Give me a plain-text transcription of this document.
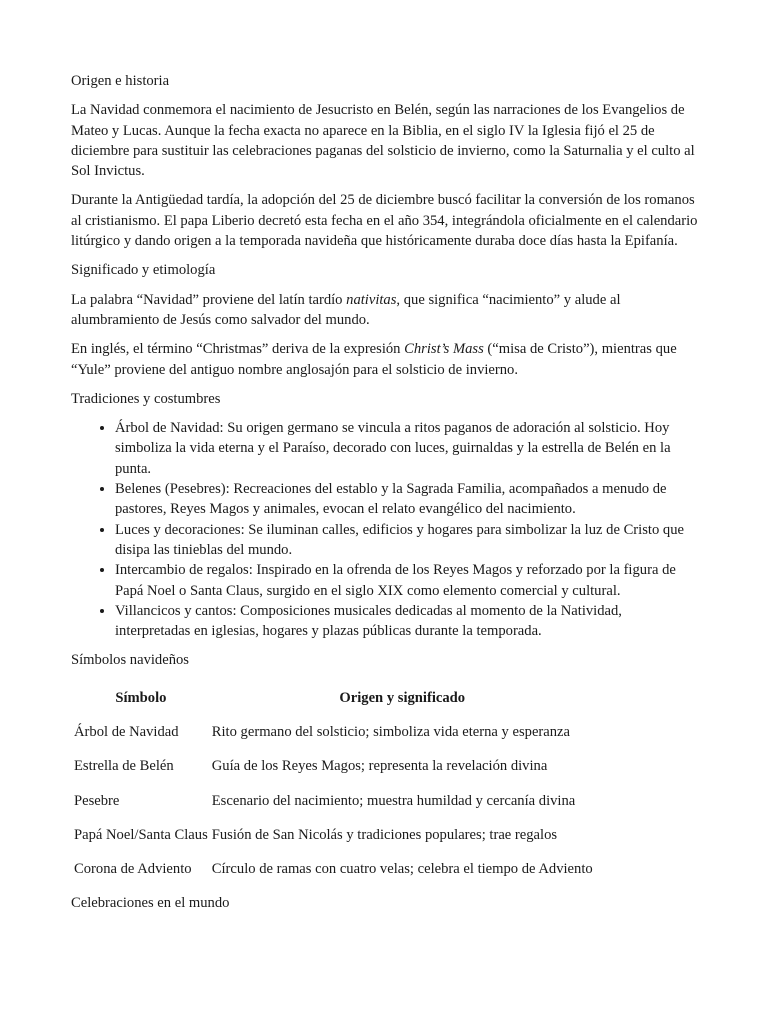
Origen e historia

La Navidad conmemora el nacimiento de Jesucristo en Belén, según las narraciones de los Evangelios de Mateo y Lucas. Aunque la fecha exacta no aparece en la Biblia, en el siglo IV la Iglesia fijó el 25 de diciembre para sustituir las celebraciones paganas del solsticio de invierno, como la Saturnalia y el culto al Sol Invictus.

Durante la Antigüedad tardía, la adopción del 25 de diciembre buscó facilitar la conversión de los romanos al cristianismo. El papa Liberio decretó esta fecha en el año 354, integrándola oficialmente en el calendario litúrgico y dando origen a la temporada navideña que históricamente duraba doce días hasta la Epifanía.

Significado y etimología

La palabra “Navidad” proviene del latín tardío nativitas, que significa “nacimiento” y alude al alumbramiento de Jesús como salvador del mundo.

En inglés, el término “Christmas” deriva de la expresión Christ’s Mass (“misa de Cristo”), mientras que “Yule” proviene del antiguo nombre anglosajón para el solsticio de invierno.

Tradiciones y costumbres
• Árbol de Navidad: Su origen germano se vincula a ritos paganos de adoración al solsticio. Hoy simboliza la vida eterna y el Paraíso, decorado con luces, guirnaldas y la estrella de Belén en la punta.
• Belenes (Pesebres): Recreaciones del establo y la Sagrada Familia, acompañados a menudo de pastores, Reyes Magos y animales, evocan el relato evangélico del nacimiento.
• Luces y decoraciones: Se iluminan calles, edificios y hogares para simbolizar la luz de Cristo que disipa las tinieblas del mundo.
• Intercambio de regalos: Inspirado en la ofrenda de los Reyes Magos y reforzado por la figura de Papá Noel o Santa Claus, surgido en el siglo XIX como elemento comercial y cultural.
• Villancicos y cantos: Composiciones musicales dedicadas al momento de la Natividad, interpretadas en iglesias, hogares y plazas públicas durante la temporada.
Símbolos navideños
Símbolo	Origen y significado
Árbol de Navidad	Rito germano del solsticio; simboliza vida eterna y esperanza
Estrella de Belén	Guía de los Reyes Magos; representa la revelación divina
Pesebre	Escenario del nacimiento; muestra humildad y cercanía divina
Papá Noel/Santa Claus	Fusión de San Nicolás y tradiciones populares; trae regalos
Corona de Adviento	Círculo de ramas con cuatro velas; celebra el tiempo de Adviento
Celebraciones en el mundo
